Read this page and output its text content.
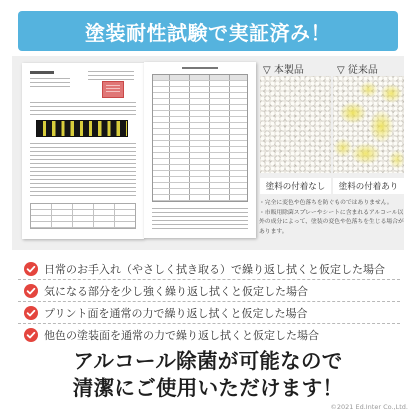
塗装耐性試験で実証済み！
▽ 本製品	▽ 従来品
塗料の付着なし	塗料の付着あり
・完全に変色や色落ちを防ぐものではありません。
・市販用除菌スプレーやシートに含まれるアルコール以外の成分によって、塗装の変色や色落ちを生じる場合があります。
日常のお手入れ（やさしく拭き取る）で繰り返し拭くと仮定した場合
気になる部分を少し強く繰り返し拭くと仮定した場合
プリント面を通常の力で繰り返し拭くと仮定した場合
他色の塗装面を通常の力で繰り返し拭くと仮定した場合
アルコール除菌が可能なので
清潔にご使用いただけます！
©2021 Ed.Inter Co.,Ltd.
